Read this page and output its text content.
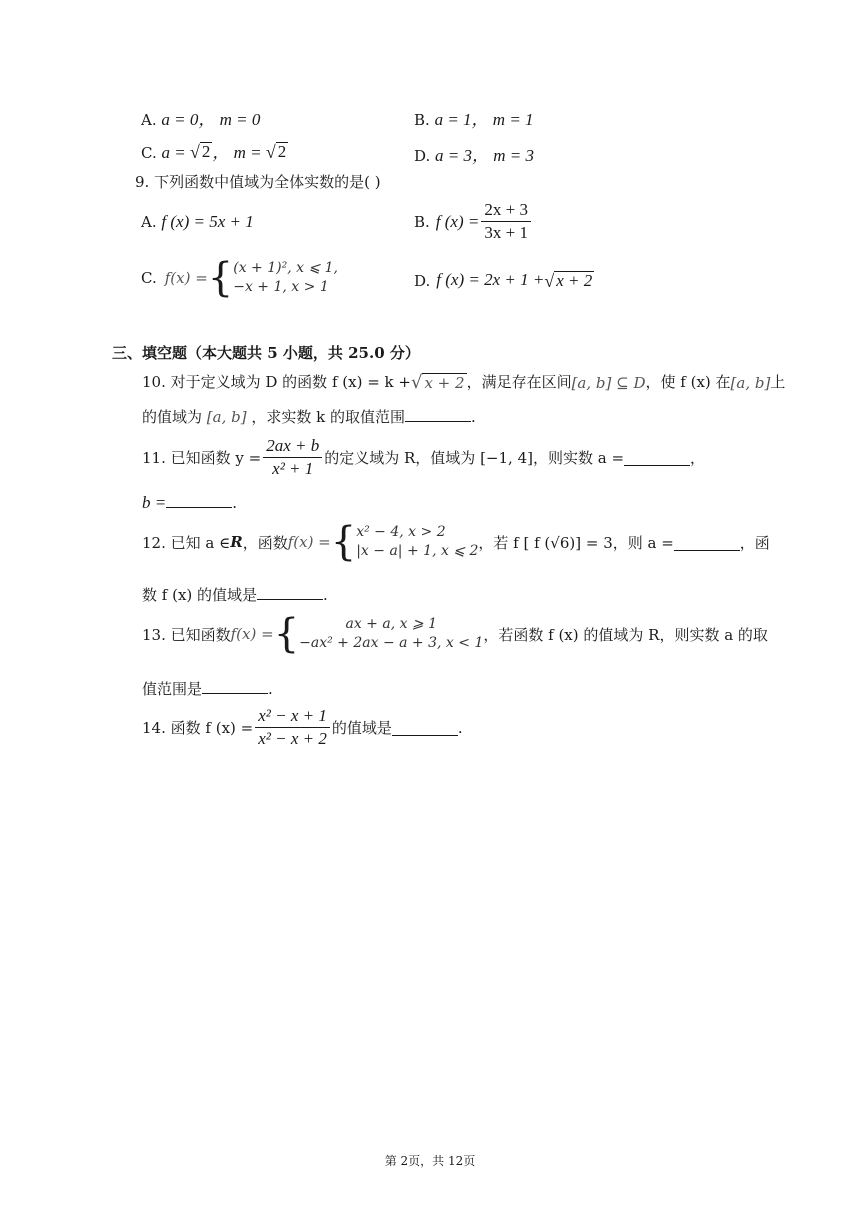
A. a = 0， m = 0	B. a = 1， m = 1
C. a = √ 2 ， m = √ 2	D. a = 3， m = 3
9. 下列函数中值域为全体实数的是( )
A. f (x) = 5x + 1	B. f $(x) = \frac{2x + 3}{3x + 1}$
C. f(x) = { (x + 1)², x ⩽ 1,
−x + 1, x > 1	D. f (x) = 2x + 1 + √ x + 2
三、填空题（本大题共 5 小题，共 25.0 分）
10. 对于定义域为 D 的函数 f (x) = k + √ x + 2 ，满足存在区间 [a, b] ⊆ D ，使 f (x) 在 [a, b] 上
的值域为 [a, b] ，求实数 k 的取值范围	.
11. 已知函数 $y = \frac{2ax + b}{\text{x² + 1}}$ 的定义域为 R，值域为 [−1, 4]，则实数 a =	，
b =	.
12. 已知 a ∈ R ，函数 f(x) = { x² − 4, x > 2
|x − a| + 1, x ⩽ 2 ，若 f [ f (√6)] = 3，则 a =	，函
数 f (x) 的值域是	.
13. 已知函数 f(x) = {	ax + a, x ⩾ 1
−ax² + 2ax − a + 3, x < 1 ，若函数 f (x) 的值域为 R，则实数 a 的取
值范围是	.
14. 函数 f $(x) = \frac{\text{x² − x + 1}}{\text{x² − x + 2}}$ 的值域是	.
第 2页，共 12页
